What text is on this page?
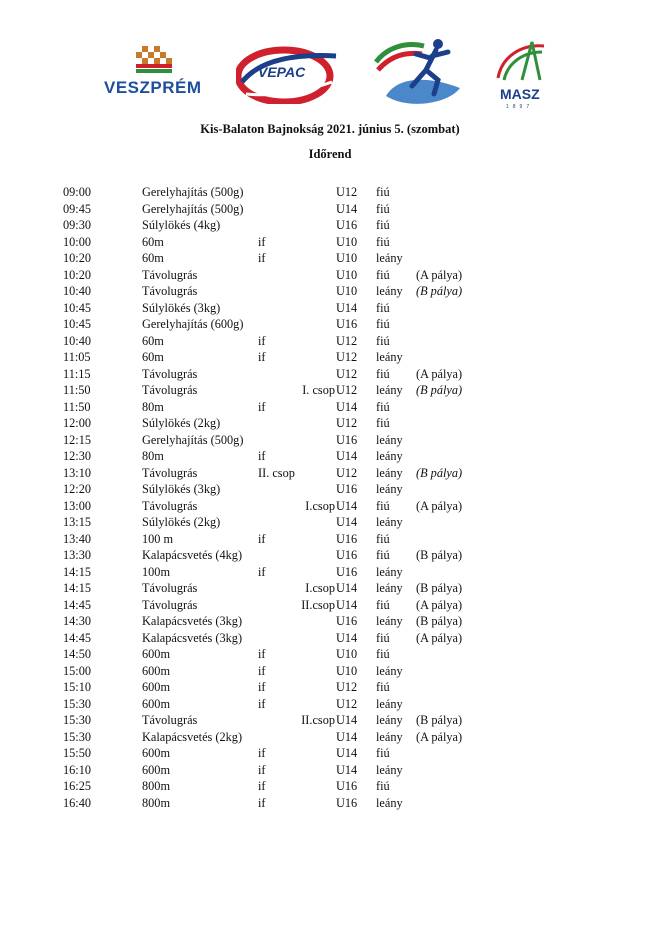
VESZPRÉM
VEPAC
MASZ
1897
Kis-Balaton Bajnokság 2021. június 5. (szombat)
Időrend
09:00	Gerelyhajítás (500g)	U12 fiú
09:45	Gerelyhajítás (500g)	U14 fiú
09:30	Súlylökés (4kg)	U16 fiú
10:00	60m	if	U10 fiú
10:20	60m	if	U10 leány
10:20	Távolugrás	U10 fiú (A pálya)
10:40	Távolugrás	U10 leány (B pálya)
10:45	Súlylökés (3kg)	U14 fiú
10:45	Gerelyhajítás (600g)	U16 fiú
10:40	60m	if	U12 fiú
11:05	60m	if	U12 leány
11:15	Távolugrás	U12 fiú (A pálya)
11:50	Távolugrás	I. csop U12 leány (B pálya)
11:50	80m	if	U14 fiú
12:00	Súlylökés (2kg)	U12 fiú
12:15	Gerelyhajítás (500g)	U16 leány
12:30	80m	if	U14 leány
13:10	Távolugrás	II. csop	U12 leány (B pálya)
12:20	Súlylökés (3kg)	U16 leány
13:00	Távolugrás	I.csop U14 fiú (A pálya)
13:15	Súlylökés (2kg)	U14 leány
13:40	100 m	if	U16 fiú
13:30	Kalapácsvetés (4kg)	U16 fiú (B pálya)
14:15	100m	if	U16 leány
14:15	Távolugrás	I.csop U14 leány (B pálya)
14:45	Távolugrás	II.csop U14 fiú (A pálya)
14:30	Kalapácsvetés (3kg)	U16 leány (B pálya)
14:45	Kalapácsvetés (3kg)	U14 fiú (A pálya)
14:50	600m	if	U10 fiú
15:00	600m	if	U10 leány
15:10	600m	if	U12 fiú
15:30	600m	if	U12 leány
15:30	Távolugrás	II.csop U14 leány (B pálya)
15:30	Kalapácsvetés (2kg)	U14 leány (A pálya)
15:50	600m	if	U14 fiú
16:10	600m	if	U14 leány
16:25	800m	if	U16 fiú
16:40	800m	if	U16 leány
